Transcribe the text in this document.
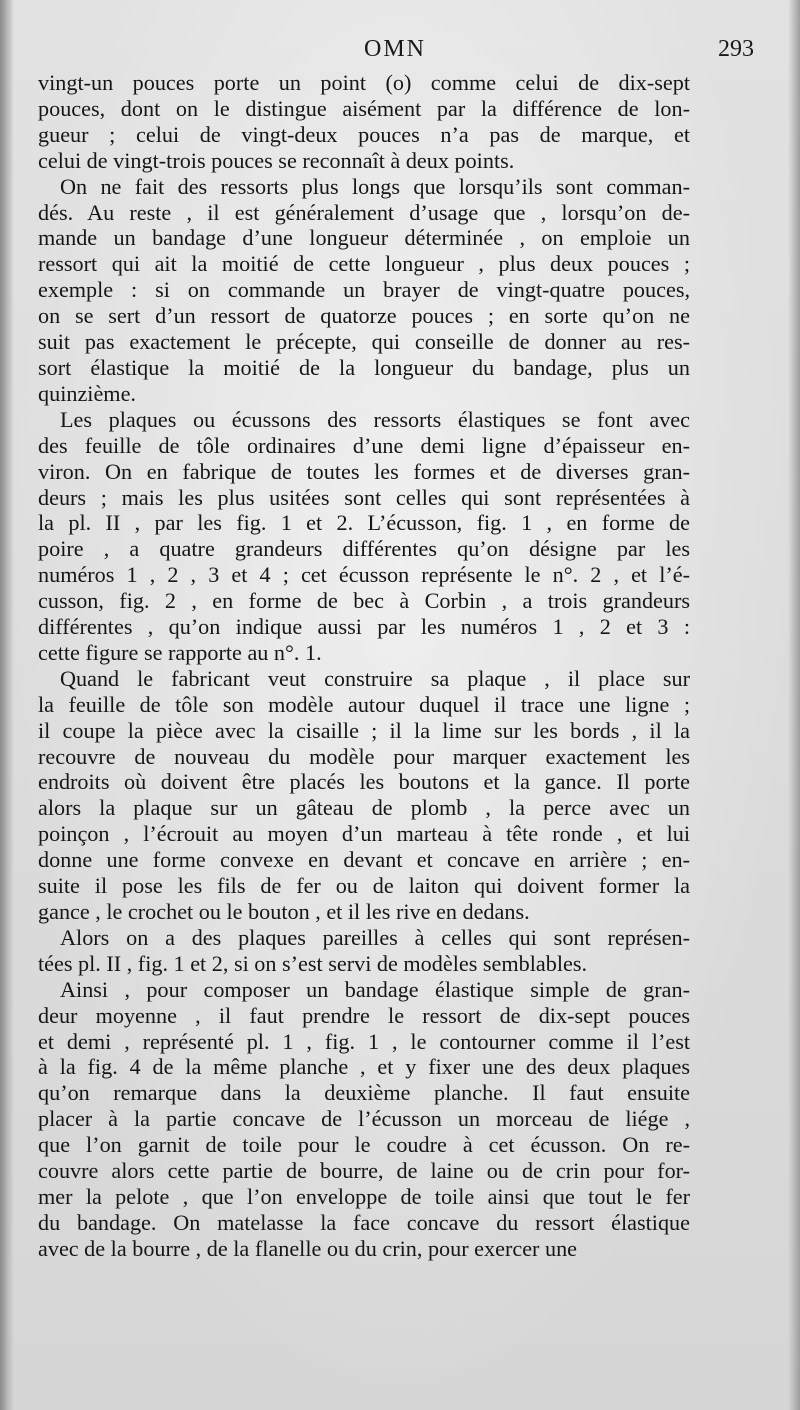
OMN	293
vingt-un pouces porte un point (o) comme celui de dix-sept
pouces, dont on le distingue aisément par la différence de lon-
gueur ; celui de vingt-deux pouces n’a pas de marque, et
celui de vingt-trois pouces se reconnaît à deux points.
On ne fait des ressorts plus longs que lorsqu’ils sont comman-
dés. Au reste , il est généralement d’usage que , lorsqu’on de-
mande un bandage d’une longueur déterminée , on emploie un
ressort qui ait la moitié de cette longueur , plus deux pouces ;
exemple : si on commande un brayer de vingt-quatre pouces,
on se sert d’un ressort de quatorze pouces ; en sorte qu’on ne
suit pas exactement le précepte, qui conseille de donner au res-
sort élastique la moitié de la longueur du bandage, plus un
quinzième.
Les plaques ou écussons des ressorts élastiques se font avec
des feuille de tôle ordinaires d’une demi ligne d’épaisseur en-
viron. On en fabrique de toutes les formes et de diverses gran-
deurs ; mais les plus usitées sont celles qui sont représentées à
la pl. II , par les fig. 1 et 2. L’écusson, fig. 1 , en forme de
poire , a quatre grandeurs différentes qu’on désigne par les
numéros 1 , 2 , 3 et 4 ; cet écusson représente le n°. 2 , et l’é-
cusson, fig. 2 , en forme de bec à Corbin , a trois grandeurs
différentes , qu’on indique aussi par les numéros 1 , 2 et 3 :
cette figure se rapporte au n°. 1.
Quand le fabricant veut construire sa plaque , il place sur
la feuille de tôle son modèle autour duquel il trace une ligne ;
il coupe la pièce avec la cisaille ; il la lime sur les bords , il la
recouvre de nouveau du modèle pour marquer exactement les
endroits où doivent être placés les boutons et la gance. Il porte
alors la plaque sur un gâteau de plomb , la perce avec un
poinçon , l’écrouit au moyen d’un marteau à tête ronde , et lui
donne une forme convexe en devant et concave en arrière ; en-
suite il pose les fils de fer ou de laiton qui doivent former la
gance , le crochet ou le bouton , et il les rive en dedans.
Alors on a des plaques pareilles à celles qui sont représen-
tées pl. II , fig. 1 et 2, si on s’est servi de modèles semblables.
Ainsi , pour composer un bandage élastique simple de gran-
deur moyenne , il faut prendre le ressort de dix-sept pouces
et demi , représenté pl. 1 , fig. 1 , le contourner comme il l’est
à la fig. 4 de la même planche , et y fixer une des deux plaques
qu’on remarque dans la deuxième planche. Il faut ensuite
placer à la partie concave de l’écusson un morceau de liége ,
que l’on garnit de toile pour le coudre à cet écusson. On re-
couvre alors cette partie de bourre, de laine ou de crin pour for-
mer la pelote , que l’on enveloppe de toile ainsi que tout le fer
du bandage. On matelasse la face concave du ressort élastique
avec de la bourre , de la flanelle ou du crin, pour exercer une
